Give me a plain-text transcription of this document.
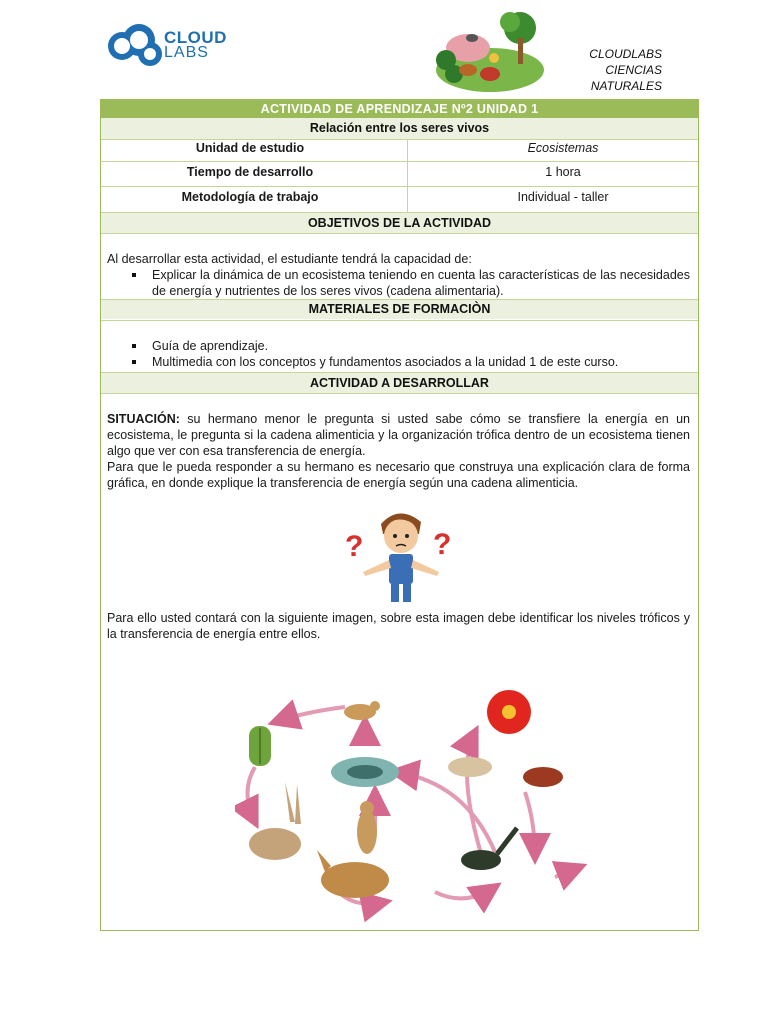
CLOUD
LABS	CLOUDLABS
CIENCIAS NATURALES
ACTIVIDAD DE APRENDIZAJE Nº2 UNIDAD 1
Relación entre los seres vivos
Unidad de estudio	Ecosistemas
Tiempo de desarrollo	1 hora
Metodología de trabajo	Individual - taller
OBJETIVOS DE LA ACTIVIDAD
Al desarrollar esta actividad, el estudiante tendrá la capacidad de:
Explicar la dinámica de un ecosistema teniendo en cuenta las características de las necesidades de energía y nutrientes de los seres vivos (cadena alimentaria).
MATERIALES DE FORMACIÒN
Guía de aprendizaje.
Multimedia con los conceptos y fundamentos asociados a la unidad 1 de este curso.
ACTIVIDAD A DESARROLLAR
SITUACIÓN: su hermano menor le pregunta si usted sabe cómo se transfiere la energía en un ecosistema, le pregunta si la cadena alimenticia y la organización trófica dentro de un ecosistema tienen algo que ver con esa transferencia de energía.
Para que le pueda responder a su hermano es necesario que construya una explicación clara de forma gráfica, en donde explique la transferencia de energía según una cadena alimenticia.
? ?
Para ello usted contará con la siguiente imagen, sobre esta imagen debe identificar los niveles tróficos y la transferencia de energía entre ellos.
